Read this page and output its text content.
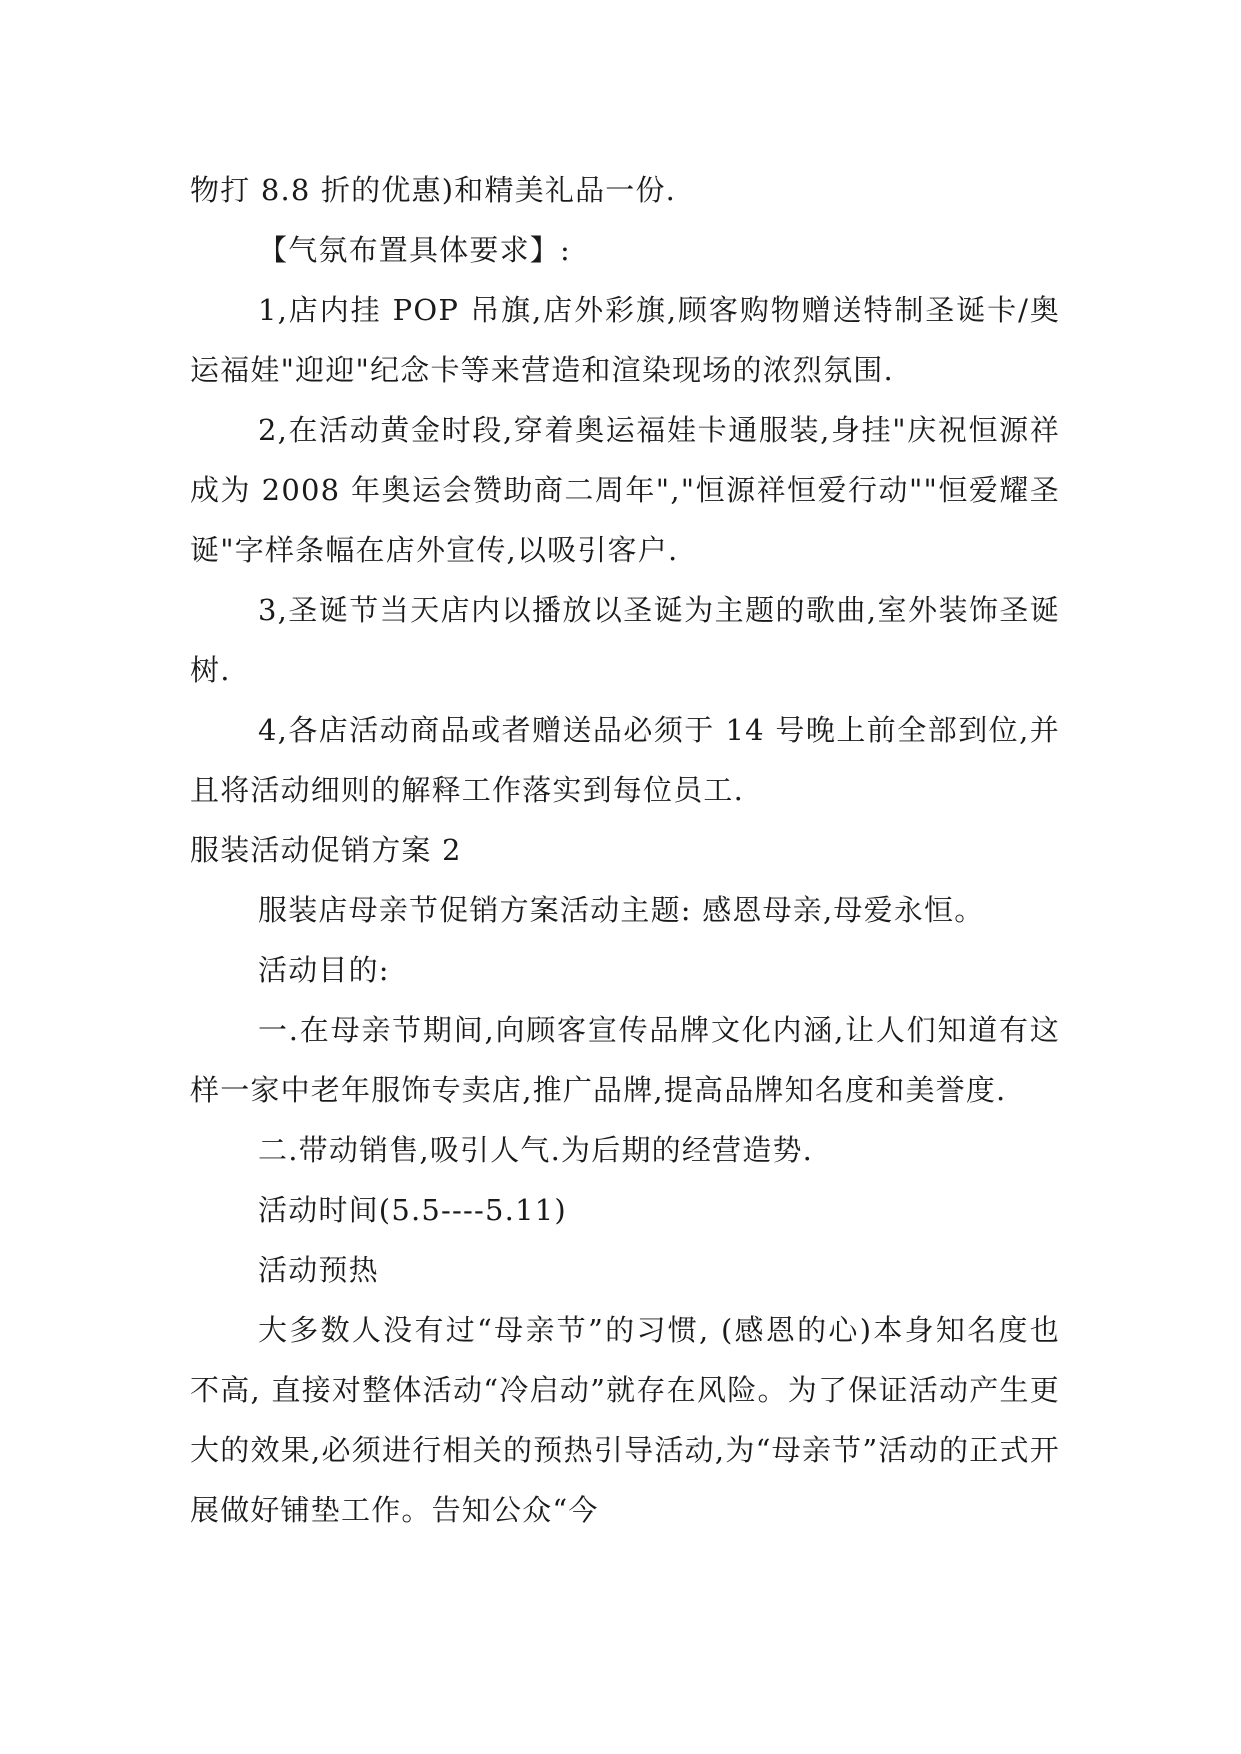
物打 8.8 折的优惠)和精美礼品一份.

【气氛布置具体要求】:

1,店内挂 POP 吊旗,店外彩旗,顾客购物赠送特制圣诞卡/奥运福娃"迎迎"纪念卡等来营造和渲染现场的浓烈氛围.

2,在活动黄金时段,穿着奥运福娃卡通服装,身挂"庆祝恒源祥成为 2008 年奥运会赞助商二周年","恒源祥恒爱行动""恒爱耀圣诞"字样条幅在店外宣传,以吸引客户.

3,圣诞节当天店内以播放以圣诞为主题的歌曲,室外装饰圣诞树.

4,各店活动商品或者赠送品必须于 14 号晚上前全部到位,并且将活动细则的解释工作落实到每位员工.

服装活动促销方案 2

服装店母亲节促销方案活动主题: 感恩母亲,母爱永恒。

活动目的:

一.在母亲节期间,向顾客宣传品牌文化内涵,让人们知道有这样一家中老年服饰专卖店,推广品牌,提高品牌知名度和美誉度.

二.带动销售,吸引人气.为后期的经营造势.

活动时间(5.5----5.11)

活动预热

大多数人没有过“母亲节”的习惯, (感恩的心)本身知名度也不高, 直接对整体活动“冷启动”就存在风险。为了保证活动产生更大的效果,必须进行相关的预热引导活动,为“母亲节”活动的正式开展做好铺垫工作。告知公众“今
